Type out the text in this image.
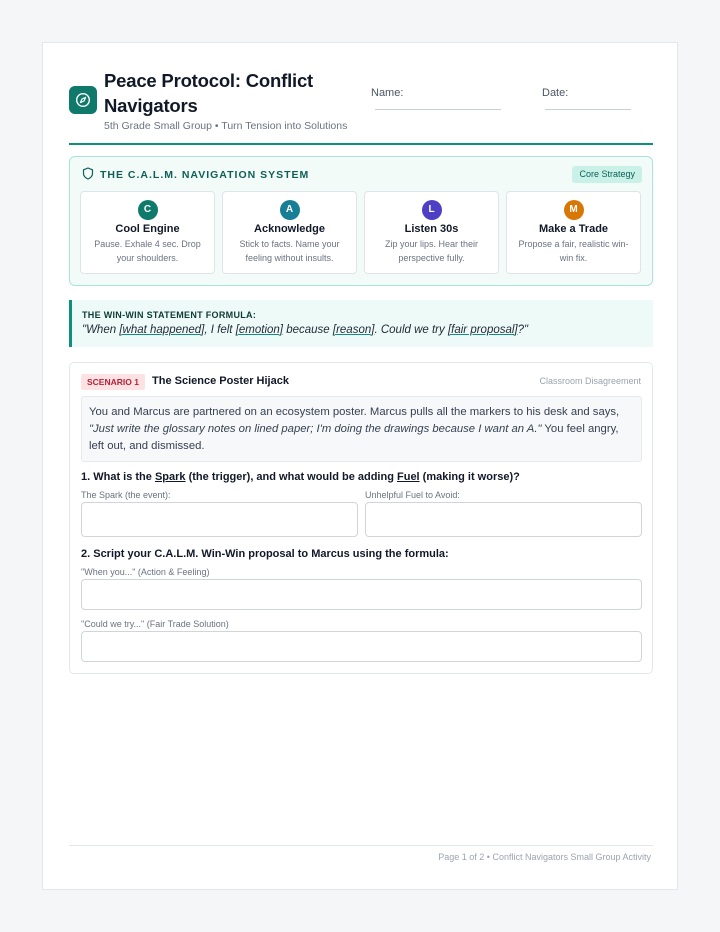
Peace Protocol: Conflict
Navigators
5th Grade Small Group • Turn Tension into Solutions
Name:	Date:
THE C.A.L.M. NAVIGATION SYSTEM	Core Strategy
C
Cool Engine
Pause. Exhale 4 sec. Drop your shoulders.
A
Acknowledge
Stick to facts. Name your feeling without insults.
L
Listen 30s
Zip your lips. Hear their perspective fully.
M
Make a Trade
Propose a fair, realistic win-win fix.
THE WIN-WIN STATEMENT FORMULA:
"When [what happened], I felt [emotion] because [reason]. Could we try [fair proposal]?"
SCENARIO 1	The Science Poster Hijack	Classroom Disagreement
You and Marcus are partnered on an ecosystem poster. Marcus pulls all the markers to his desk and says, "Just write the glossary notes on lined paper; I'm doing the drawings because I want an A." You feel angry, left out, and dismissed.
1. What is the Spark (the trigger), and what would be adding Fuel (making it worse)?
The Spark (the event):	Unhelpful Fuel to Avoid:
2. Script your C.A.L.M. Win-Win proposal to Marcus using the formula:
"When you..." (Action & Feeling)
"Could we try..." (Fair Trade Solution)
Page 1 of 2 • Conflict Navigators Small Group Activity
